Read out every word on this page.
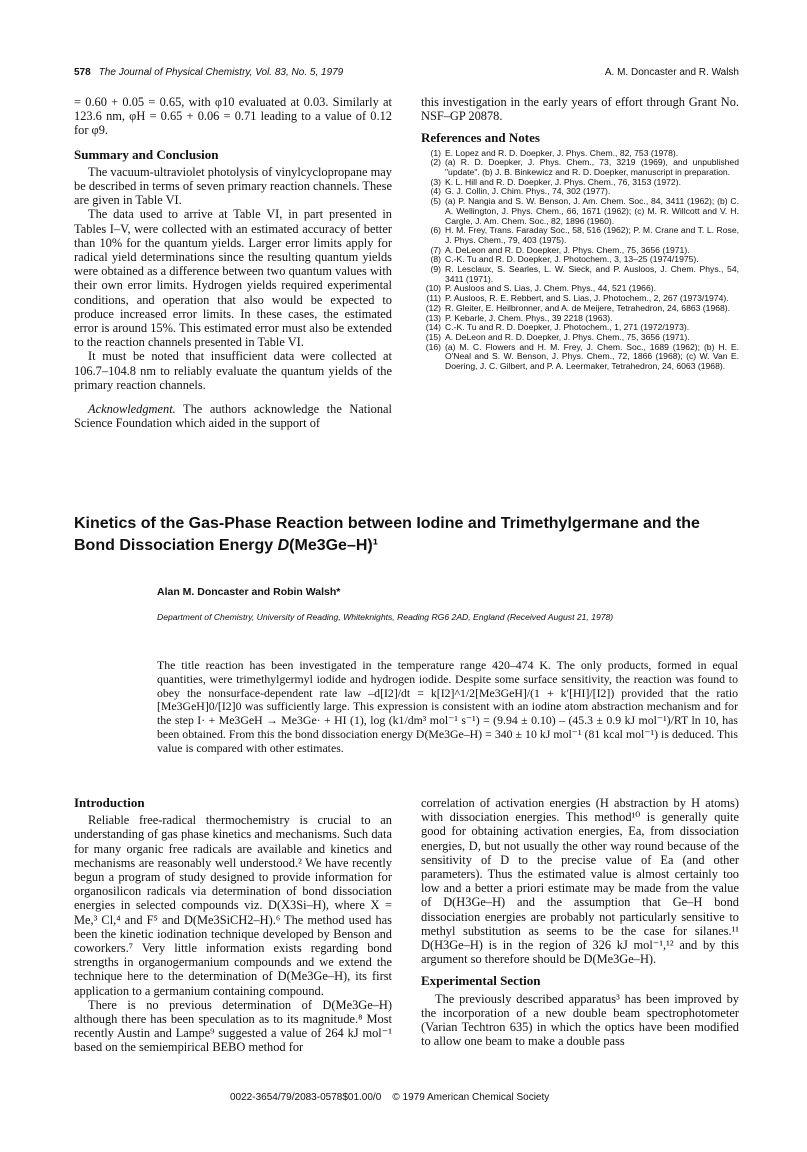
578 The Journal of Physical Chemistry, Vol. 83, No. 5, 1979	A. M. Doncaster and R. Walsh

= 0.60 + 0.05 = 0.65, with φ10 evaluated at 0.03. Similarly at 123.6 nm, φH = 0.65 + 0.06 = 0.71 leading to a value of 0.12 for φ9.

Summary and Conclusion

The vacuum-ultraviolet photolysis of vinylcyclopropane may be described in terms of seven primary reaction channels. These are given in Table VI.

The data used to arrive at Table VI, in part presented in Tables I–V, were collected with an estimated accuracy of better than 10% for the quantum yields. Larger error limits apply for radical yield determinations since the resulting quantum yields were obtained as a difference between two quantum values with their own error limits. Hydrogen yields required experimental conditions, and operation that also would be expected to produce increased error limits. In these cases, the estimated error is around 15%. This estimated error must also be extended to the reaction channels presented in Table VI.

It must be noted that insufficient data were collected at 106.7–104.8 nm to reliably evaluate the quantum yields of the primary reaction channels.

Acknowledgment. The authors acknowledge the National Science Foundation which aided in the support of

this investigation in the early years of effort through Grant No. NSF–GP 20878.

References and Notes
(1) E. Lopez and R. D. Doepker, J. Phys. Chem., 82, 753 (1978).
(2) (a) R. D. Doepker, J. Phys. Chem., 73, 3219 (1969), and unpublished "update". (b) J. B. Binkewicz and R. D. Doepker, manuscript in preparation.
(3) K. L. Hill and R. D. Doepker, J. Phys. Chem., 76, 3153 (1972).
(4) G. J. Collin, J. Chim. Phys., 74, 302 (1977).
(5) (a) P. Nangia and S. W. Benson, J. Am. Chem. Soc., 84, 3411 (1962); (b) C. A. Wellington, J. Phys. Chem., 66, 1671 (1962); (c) M. R. Willcott and V. H. Cargle, J. Am. Chem. Soc., 82, 1896 (1960).
(6) H. M. Frey, Trans. Faraday Soc., 58, 516 (1962); P. M. Crane and T. L. Rose, J. Phys. Chem., 79, 403 (1975).
(7) A. DeLeon and R. D. Doepker, J. Phys. Chem., 75, 3656 (1971).
(8) C.-K. Tu and R. D. Doepker, J. Photochem., 3, 13–25 (1974/1975).
(9) R. Lesclaux, S. Searles, L. W. Sieck, and P. Ausloos, J. Chem. Phys., 54, 3411 (1971).
(10) P. Ausloos and S. Lias, J. Chem. Phys., 44, 521 (1966).
(11) P. Ausloos, R. E. Rebbert, and S. Lias, J. Photochem., 2, 267 (1973/1974).
(12) R. Gleiter, E. Heilbronner, and A. de Meijere, Tetrahedron, 24, 6863 (1968).
(13) P. Kebarle, J. Chem. Phys., 39 2218 (1963).
(14) C.-K. Tu and R. D. Doepker, J. Photochem., 1, 271 (1972/1973).
(15) A. DeLeon and R. D. Doepker, J. Phys. Chem., 75, 3656 (1971).
(16) (a) M. C. Flowers and H. M. Frey, J. Chem. Soc., 1689 (1962); (b) H. E. O'Neal and S. W. Benson, J. Phys. Chem., 72, 1866 (1968); (c) W. Van E. Doering, J. C. Gilbert, and P. A. Leermaker, Tetrahedron, 24, 6063 (1968).
Kinetics of the Gas-Phase Reaction between Iodine and Trimethylgermane and the
Bond Dissociation Energy D(Me3Ge–H)¹
Alan M. Doncaster and Robin Walsh*
Department of Chemistry, University of Reading, Whiteknights, Reading RG6 2AD, England (Received August 21, 1978)

The title reaction has been investigated in the temperature range 420–474 K. The only products, formed in equal quantities, were trimethylgermyl iodide and hydrogen iodide. Despite some surface sensitivity, the reaction was found to obey the nonsurface-dependent rate law –d[I2]/dt = k[I2]^1/2[Me3GeH]/(1 + k′[HI]/[I2]) provided that the ratio [Me3GeH]0/[I2]0 was sufficiently large. This expression is consistent with an iodine atom abstraction mechanism and for the step I· + Me3GeH → Me3Ge· + HI (1), log (k1/dm³ mol⁻¹ s⁻¹) = (9.94 ± 0.10) – (45.3 ± 0.9 kJ mol⁻¹)/RT ln 10, has been obtained. From this the bond dissociation energy D(Me3Ge–H) = 340 ± 10 kJ mol⁻¹ (81 kcal mol⁻¹) is deduced. This value is compared with other estimates.

Introduction

Reliable free-radical thermochemistry is crucial to an understanding of gas phase kinetics and mechanisms. Such data for many organic free radicals are available and kinetics and mechanisms are reasonably well understood.² We have recently begun a program of study designed to provide information for organosilicon radicals via determination of bond dissociation energies in selected compounds viz. D(X3Si–H), where X = Me,³ Cl,⁴ and F⁵ and D(Me3SiCH2–H).⁶ The method used has been the kinetic iodination technique developed by Benson and coworkers.⁷ Very little information exists regarding bond strengths in organogermanium compounds and we extend the technique here to the determination of D(Me3Ge–H), its first application to a germanium containing compound.

There is no previous determination of D(Me3Ge–H) although there has been speculation as to its magnitude.⁸ Most recently Austin and Lampe⁹ suggested a value of 264 kJ mol⁻¹ based on the semiempirical BEBO method for

correlation of activation energies (H abstraction by H atoms) with dissociation energies. This method¹⁰ is generally quite good for obtaining activation energies, Ea, from dissociation energies, D, but not usually the other way round because of the sensitivity of D to the precise value of Ea (and other parameters). Thus the estimated value is almost certainly too low and a better a priori estimate may be made from the value of D(H3Ge–H) and the assumption that Ge–H bond dissociation energies are probably not particularly sensitive to methyl substitution as seems to be the case for silanes.¹¹ D(H3Ge–H) is in the region of 326 kJ mol⁻¹,¹² and by this argument so therefore should be D(Me3Ge–H).

Experimental Section

The previously described apparatus³ has been improved by the incorporation of a new double beam spectrophotometer (Varian Techtron 635) in which the optics have been modified to allow one beam to make a double pass

0022-3654/79/2083-0578$01.00/0 © 1979 American Chemical Society
